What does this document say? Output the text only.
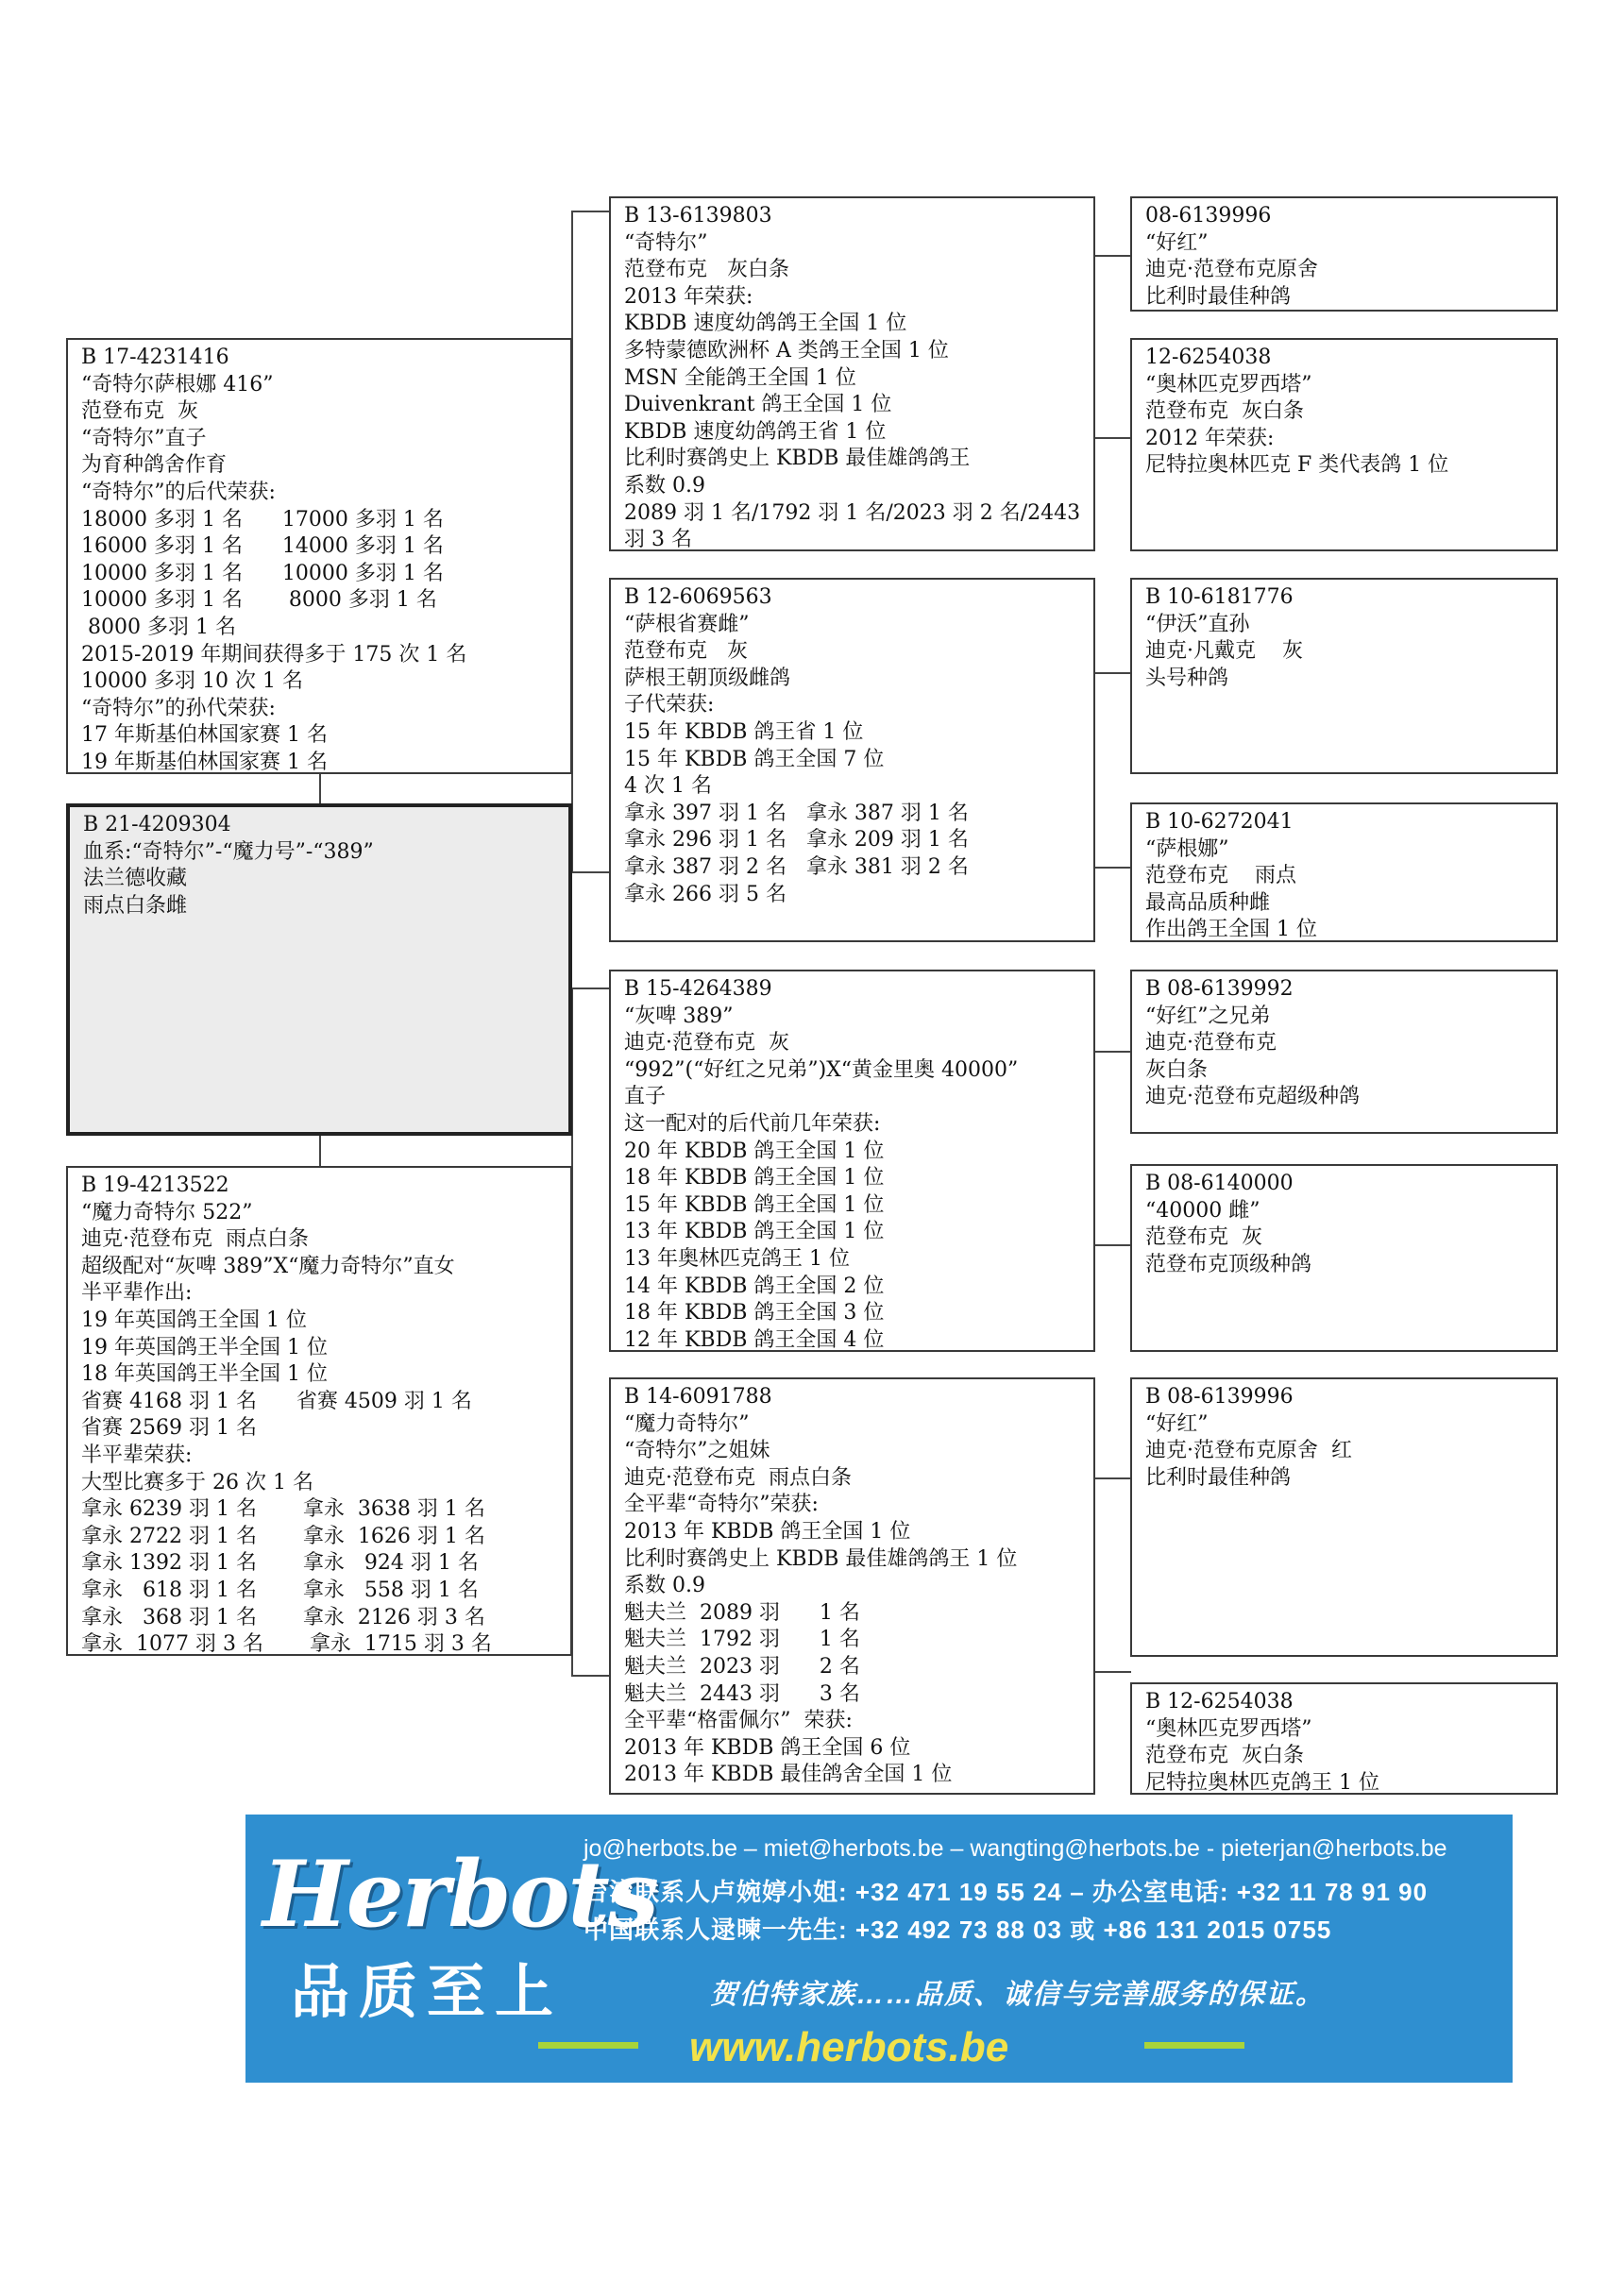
B 17-4231416
“奇特尔萨根娜 416”
范登布克  灰
“奇特尔”直子
为育种鸽舍作育
“奇特尔”的后代荣获:
18000 多羽 1 名      17000 多羽 1 名
16000 多羽 1 名      14000 多羽 1 名
10000 多羽 1 名      10000 多羽 1 名
10000 多羽 1 名       8000 多羽 1 名
8000 多羽 1 名
2015-2019 年期间获得多于 175 次 1 名
10000 多羽 10 次 1 名
“奇特尔”的孙代荣获:
17 年斯基伯林国家赛 1 名
19 年斯基伯林国家赛 1 名
B 21-4209304
血系:“奇特尔”-“魔力号”-“389”
法兰德收藏
雨点白条雌
B 19-4213522
“魔力奇特尔 522”
迪克·范登布克  雨点白条
超级配对“灰啤 389”X“魔力奇特尔”直女
半平辈作出:
19 年英国鸽王全国 1 位
19 年英国鸽王半全国 1 位
18 年英国鸽王半全国 1 位
省赛 4168 羽 1 名      省赛 4509 羽 1 名
省赛 2569 羽 1 名
半平辈荣获:
大型比赛多于 26 次 1 名
拿永 6239 羽 1 名       拿永  3638 羽 1 名
拿永 2722 羽 1 名       拿永  1626 羽 1 名
拿永 1392 羽 1 名       拿永   924 羽 1 名
拿永   618 羽 1 名       拿永   558 羽 1 名
拿永   368 羽 1 名       拿永  2126 羽 3 名
拿永  1077 羽 3 名       拿永  1715 羽 3 名
B 13-6139803
“奇特尔”
范登布克   灰白条
2013 年荣获:
KBDB 速度幼鸽鸽王全国 1 位
多特蒙德欧洲杯 A 类鸽王全国 1 位
MSN 全能鸽王全国 1 位
Duivenkrant 鸽王全国 1 位
KBDB 速度幼鸽鸽王省 1 位
比利时赛鸽史上 KBDB 最佳雄鸽鸽王
系数 0.9
2089 羽 1 名/1792 羽 1 名/2023 羽 2 名/2443
羽 3 名
B 12-6069563
“萨根省赛雌”
范登布克   灰
萨根王朝顶级雌鸽
子代荣获:
15 年 KBDB 鸽王省 1 位
15 年 KBDB 鸽王全国 7 位
4 次 1 名
拿永 397 羽 1 名   拿永 387 羽 1 名
拿永 296 羽 1 名   拿永 209 羽 1 名
拿永 387 羽 2 名   拿永 381 羽 2 名
拿永 266 羽 5 名
B 15-4264389
“灰啤 389”
迪克·范登布克  灰
“992”(“好红之兄弟”)X“黄金里奥 40000”
直子
这一配对的后代前几年荣获:
20 年 KBDB 鸽王全国 1 位
18 年 KBDB 鸽王全国 1 位
15 年 KBDB 鸽王全国 1 位
13 年 KBDB 鸽王全国 1 位
13 年奥林匹克鸽王 1 位
14 年 KBDB 鸽王全国 2 位
18 年 KBDB 鸽王全国 3 位
12 年 KBDB 鸽王全国 4 位
B 14-6091788
“魔力奇特尔”
“奇特尔”之姐妹
迪克·范登布克  雨点白条
全平辈“奇特尔”荣获:
2013 年 KBDB 鸽王全国 1 位
比利时赛鸽史上 KBDB 最佳雄鸽鸽王 1 位
系数 0.9
魁夫兰  2089 羽      1 名
魁夫兰  1792 羽      1 名
魁夫兰  2023 羽      2 名
魁夫兰  2443 羽      3 名
全平辈“格雷佩尔”  荣获:
2013 年 KBDB 鸽王全国 6 位
2013 年 KBDB 最佳鸽舍全国 1 位
08-6139996
“好红”
迪克·范登布克原舍
比利时最佳种鸽
12-6254038
“奥林匹克罗西塔”
范登布克  灰白条
2012 年荣获:
尼特拉奥林匹克 F 类代表鸽 1 位
B 10-6181776
“伊沃”直孙
迪克·凡戴克    灰
头号种鸽
B 10-6272041
“萨根娜”
范登布克    雨点
最高品质种雌
作出鸽王全国 1 位
B 08-6139992
“好红”之兄弟
迪克·范登布克
灰白条
迪克·范登布克超级种鸽
B 08-6140000
“40000 雌”
范登布克  灰
范登布克顶级种鸽
B 08-6139996
“好红”
迪克·范登布克原舍  红
比利时最佳种鸽
B 12-6254038
“奥林匹克罗西塔”
范登布克  灰白条
尼特拉奥林匹克鸽王 1 位
Herbots
品质至上
jo@herbots.be – miet@herbots.be – wangting@herbots.be - pieterjan@herbots.be
台湾联系人卢婉婷小姐: +32 471 19 55 24 – 办公室电话: +32 11 78 91 90
中国联系人逯暕一先生: +32 492 73 88 03 或 +86 131 2015 0755
贺伯特家族……品质、诚信与完善服务的保证。
www.herbots.be
